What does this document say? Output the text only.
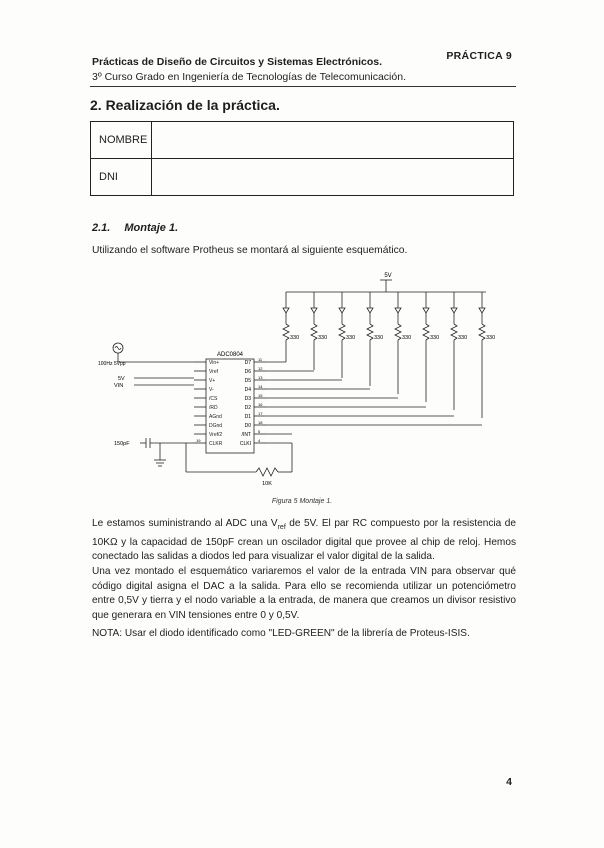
Prácticas de Diseño de Circuitos y Sistemas Electrónicos.
3º Curso Grado en Ingeniería de Tecnologías de Telecomunicación.
PRÁCTICA 9
2. Realización de la práctica.
NOMBRE	
DNI	
2.1. Montaje 1.
Utilizando el software Protheus se montará al siguiente esquemático.
5V
ADC0804
100Hz 5Vpp
5V
VIN
150pF
10K
330	330	330	330	330	330	330	330
Vin+
Vref
V+
V-
/CS
/RD
AGnd
DGnd
Vref/2
CLKR
19
D7
11
D6
12
D5
13
D4
14
D3
15
D2
16
D1
17
D0
18
/INT
5
CLKI
4
Figura 5 Montaje 1.
Le estamos suministrando al ADC una $V_{ref}$ de 5V. El par RC compuesto por la resistencia de 10KΩ y la capacidad de 150pF crean un oscilador digital que provee al chip de reloj. Hemos conectado las salidas a diodos led para visualizar el valor digital de la salida.
Una vez montado el esquemático variaremos el valor de la entrada VIN para observar qué código digital asigna el DAC a la salida. Para ello se recomienda utilizar un potenciómetro entre 0,5V y tierra y el nodo variable a la entrada, de manera que creamos un divisor resistivo que generara en VIN tensiones entre 0 y 0,5V.
NOTA: Usar el diodo identificado como "LED-GREEN" de la librería de Proteus-ISIS.
4
